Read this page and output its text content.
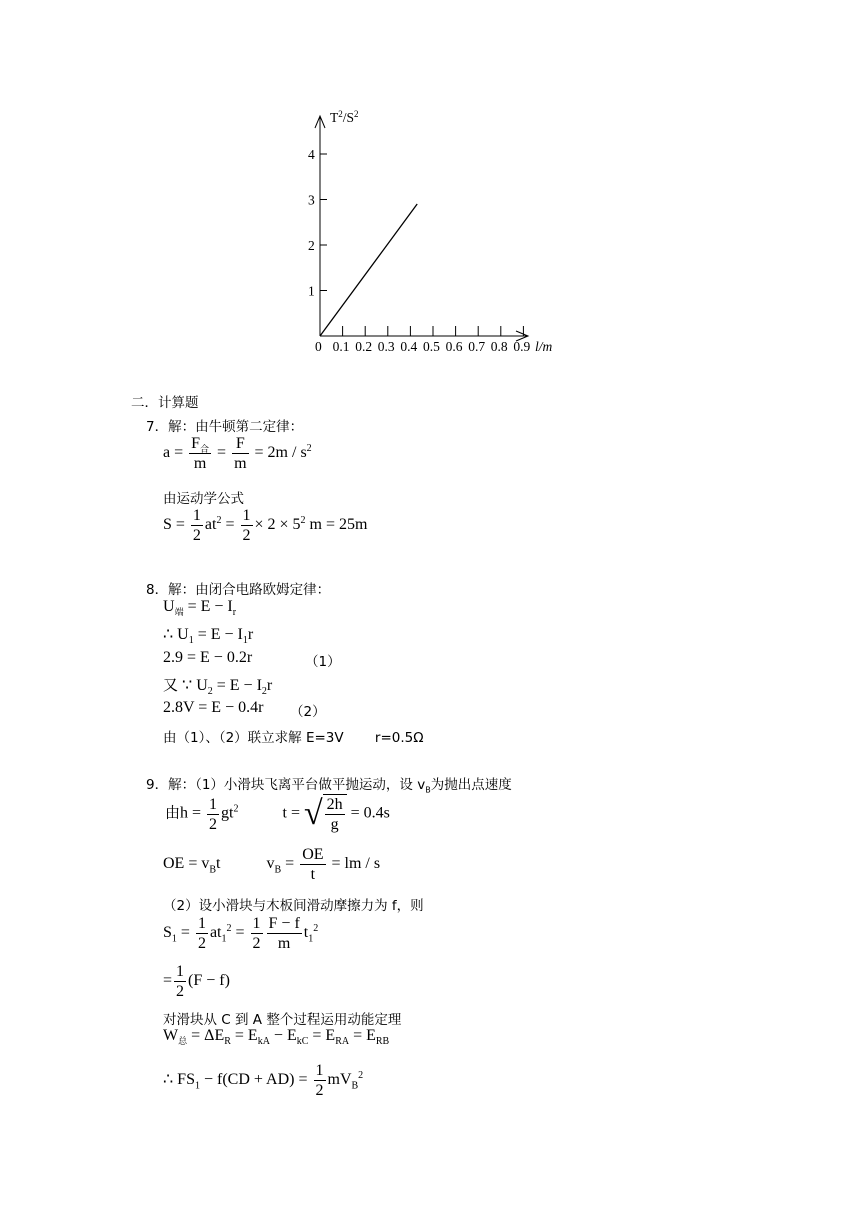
1
2
3
4
0 0.1 0.2 0.3 0.4 0.5 0.6 0.7 0.8 0.9
$T^2/S^2$
l/m
二．计算题
7．解：由牛顿第二定律：
$a = \frac{F_合}{m} = \frac{F}{m} = 2m / s^2$
由运动学公式
$S = \frac{1}{2} at^2 = \frac{1}{2} \times 2 \times 5^2$ m = 25m
8．解：由闭合电路欧姆定律：
$U_端 = E - I_r$
∴ $U_1 = E - I_1r$
2.9 = E − 0.2r	（1）
又 ∵ $U_2 = E - I_2r$
2.8V = E − 0.4r （2）
由（1）、（2）联立求解 E=3V　　 r=0.5Ω
9．解：（1）小滑块飞离平台做平抛运动，设 $v_B$为抛出点速度
由$h = \frac{1}{2} gt^2$	t = √ $\frac{2h}{g} = 0.4s$
OE = $v_Bt$  $v_B = \frac{OE}{t}$ = lm / s
（2）设小滑块与木板间滑动摩擦力为 f，则
$S_1 = \frac{1}{2} at_1^2 = \frac{1}{2} \frac{F - f}{m} t_1^2$
= $\frac{1}{2} (F - f)$
对滑块从 C 到 A 整个过程运用动能定理
$W_总 = \Delta E_R = E_{kA} - E_{kC} = E_{RA} = E_{RB}$
∴ $FS_1 - f(CD + AD) = \frac{1}{2} mV_B^2$
